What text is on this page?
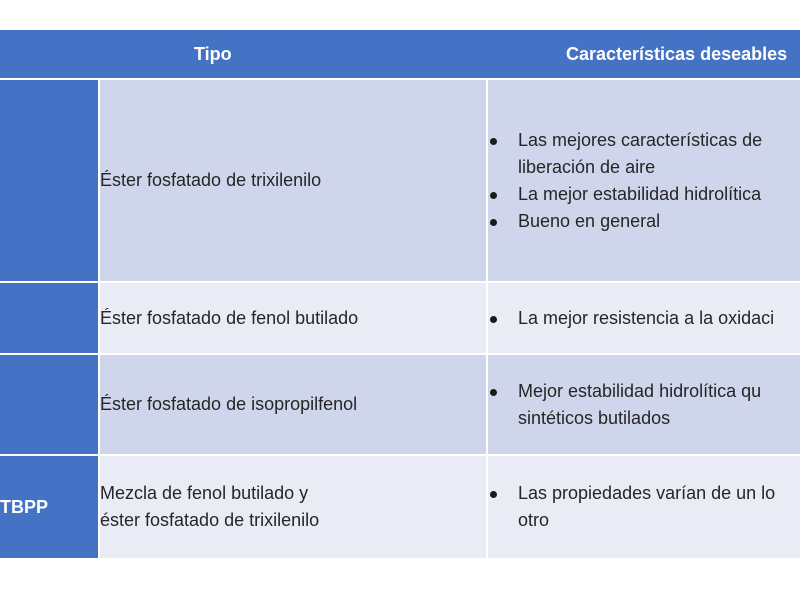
Tipo	Características deseables
Éster fosfatado de trixilenilo
Las mejores características de
liberación de aire
La mejor estabilidad hidrolítica
Bueno en general
Éster fosfatado de fenol butilado	La mejor resistencia a la oxidaci
Éster fosfatado de isopropilfenol
Mejor estabilidad hidrolítica qu
sintéticos butilados
TBPP
Mezcla de fenol butilado y
éster fosfatado de trixilenilo
Las propiedades varían de un lo
otro
